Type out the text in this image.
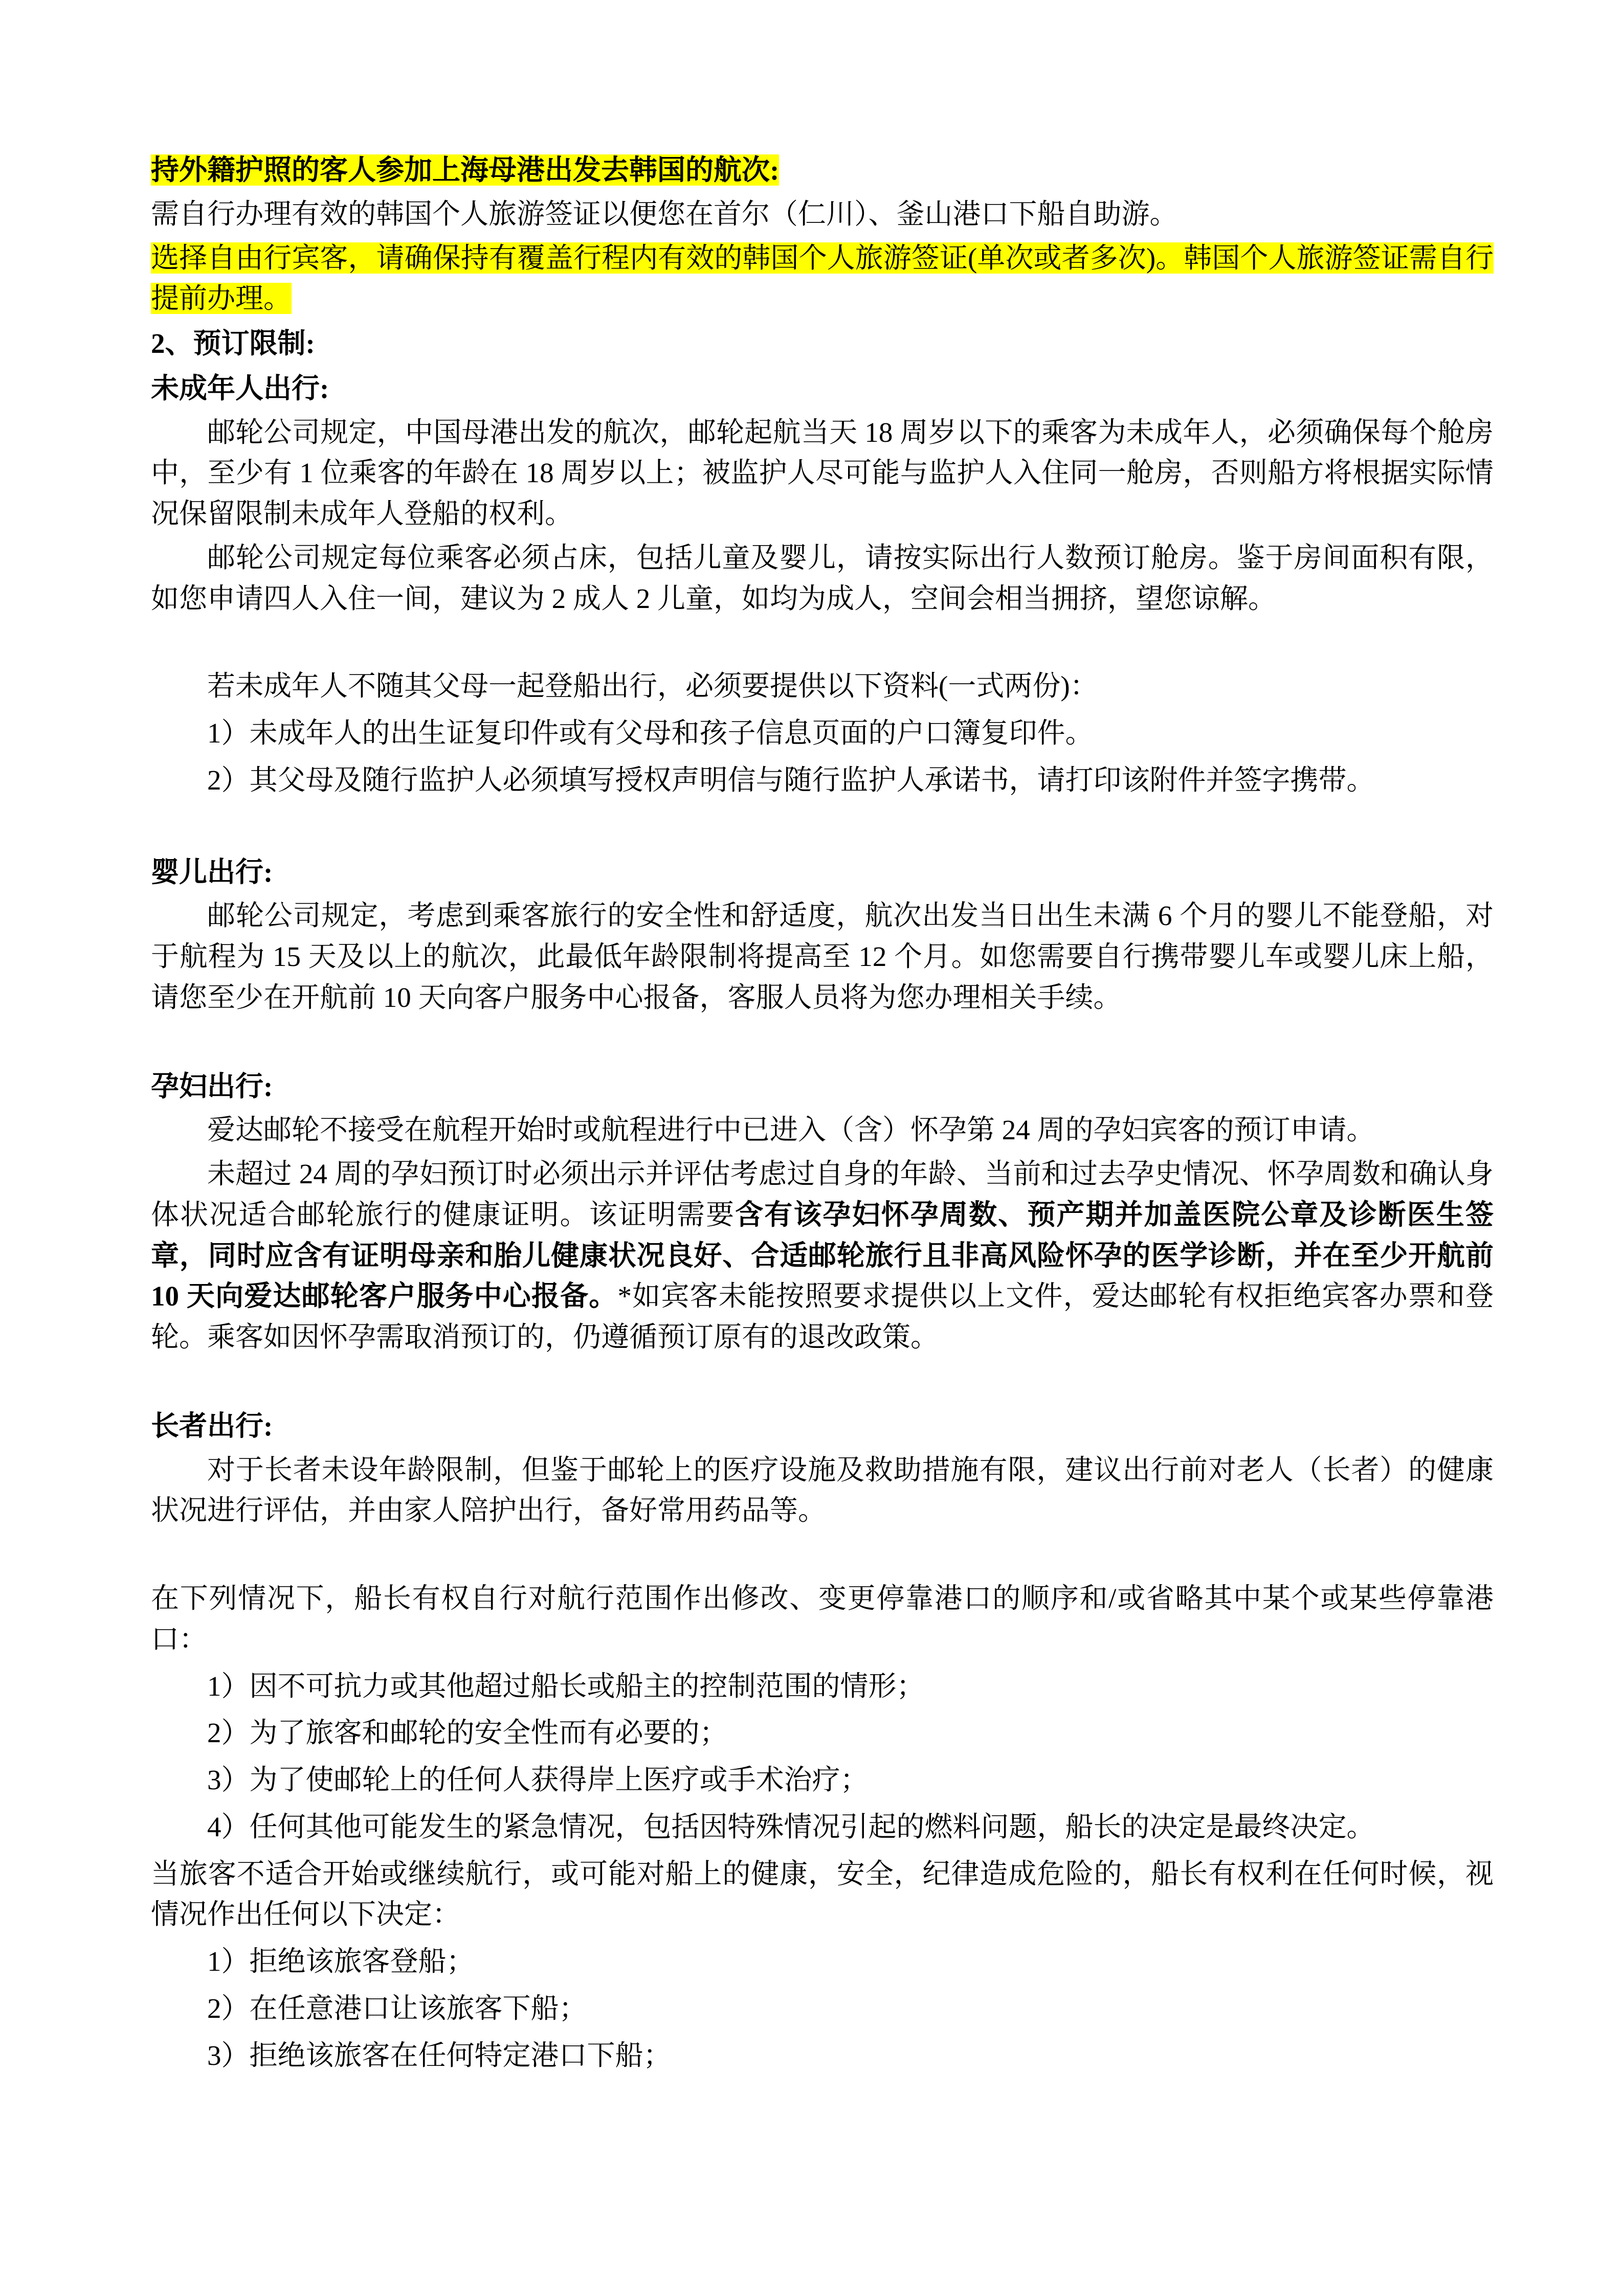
持外籍护照的客人参加上海母港出发去韩国的航次:

需自行办理有效的韩国个人旅游签证以便您在首尔（仁川）、釜山港口下船自助游。

选择自由行宾客，请确保持有覆盖行程内有效的韩国个人旅游签证(单次或者多次)。韩国个人旅游签证需自行提前办理。

2、预订限制:

未成年人出行:

邮轮公司规定，中国母港出发的航次，邮轮起航当天 18 周岁以下的乘客为未成年人，必须确保每个舱房中，至少有 1 位乘客的年龄在 18 周岁以上；被监护人尽可能与监护人入住同一舱房，否则船方将根据实际情况保留限制未成年人登船的权利。

邮轮公司规定每位乘客必须占床，包括儿童及婴儿，请按实际出行人数预订舱房。鉴于房间面积有限，如您申请四人入住一间，建议为 2 成人 2 儿童，如均为成人，空间会相当拥挤，望您谅解。

若未成年人不随其父母一起登船出行，必须要提供以下资料(一式两份)：

1）未成年人的出生证复印件或有父母和孩子信息页面的户口簿复印件。
2）其父母及随行监护人必须填写授权声明信与随行监护人承诺书，请打印该附件并签字携带。

婴儿出行:

邮轮公司规定，考虑到乘客旅行的安全性和舒适度，航次出发当日出生未满 6 个月的婴儿不能登船，对于航程为 15 天及以上的航次，此最低年龄限制将提高至 12 个月。如您需要自行携带婴儿车或婴儿床上船，请您至少在开航前 10 天向客户服务中心报备，客服人员将为您办理相关手续。

孕妇出行:

爱达邮轮不接受在航程开始时或航程进行中已进入（含）怀孕第 24 周的孕妇宾客的预订申请。

未超过 24 周的孕妇预订时必须出示并评估考虑过自身的年龄、当前和过去孕史情况、怀孕周数和确认身体状况适合邮轮旅行的健康证明。该证明需要含有该孕妇怀孕周数、预产期并加盖医院公章及诊断医生签章，同时应含有证明母亲和胎儿健康状况良好、合适邮轮旅行且非高风险怀孕的医学诊断，并在至少开航前 10 天向爱达邮轮客户服务中心报备。*如宾客未能按照要求提供以上文件，爱达邮轮有权拒绝宾客办票和登轮。乘客如因怀孕需取消预订的，仍遵循预订原有的退改政策。

长者出行:

对于长者未设年龄限制，但鉴于邮轮上的医疗设施及救助措施有限，建议出行前对老人（长者）的健康状况进行评估，并由家人陪护出行，备好常用药品等。

在下列情况下，船长有权自行对航行范围作出修改、变更停靠港口的顺序和/或省略其中某个或某些停靠港口：

1）因不可抗力或其他超过船长或船主的控制范围的情形；
2）为了旅客和邮轮的安全性而有必要的；
3）为了使邮轮上的任何人获得岸上医疗或手术治疗；
4）任何其他可能发生的紧急情况，包括因特殊情况引起的燃料问题，船长的决定是最终决定。

当旅客不适合开始或继续航行，或可能对船上的健康，安全，纪律造成危险的，船长有权利在任何时候，视情况作出任何以下决定：

1）拒绝该旅客登船；
2）在任意港口让该旅客下船；
3）拒绝该旅客在任何特定港口下船；
